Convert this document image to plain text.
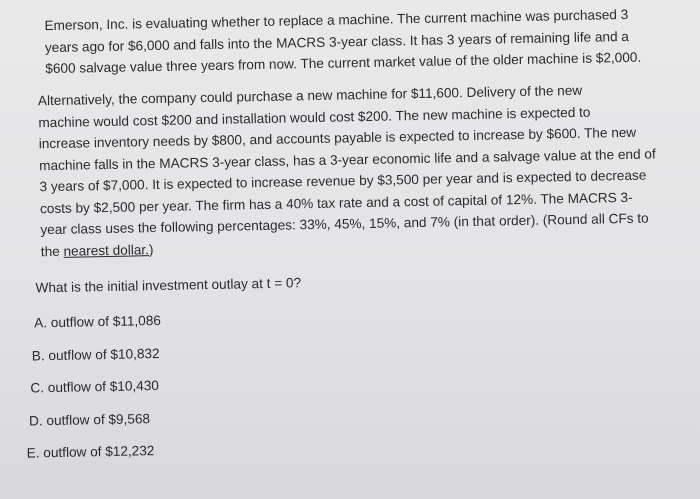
Emerson, Inc. is evaluating whether to replace a machine. The current machine was purchased 3
years ago for $6,000 and falls into the MACRS 3-year class. It has 3 years of remaining life and a
$600 salvage value three years from now. The current market value of the older machine is $2,000.

Alternatively, the company could purchase a new machine for $11,600. Delivery of the new
machine would cost $200 and installation would cost $200. The new machine is expected to
increase inventory needs by $800, and accounts payable is expected to increase by $600. The new
machine falls in the MACRS 3-year class, has a 3-year economic life and a salvage value at the end of
3 years of $7,000. It is expected to increase revenue by $3,500 per year and is expected to decrease
costs by $2,500 per year. The firm has a 40% tax rate and a cost of capital of 12%. The MACRS 3-
year class uses the following percentages: 33%, 45%, 15%, and 7% (in that order). (Round all CFs to
the nearest dollar.)

What is the initial investment outlay at t = 0?

A. outflow of $11,086
B. outflow of $10,832
C. outflow of $10,430
D. outflow of $9,568
E. outflow of $12,232
